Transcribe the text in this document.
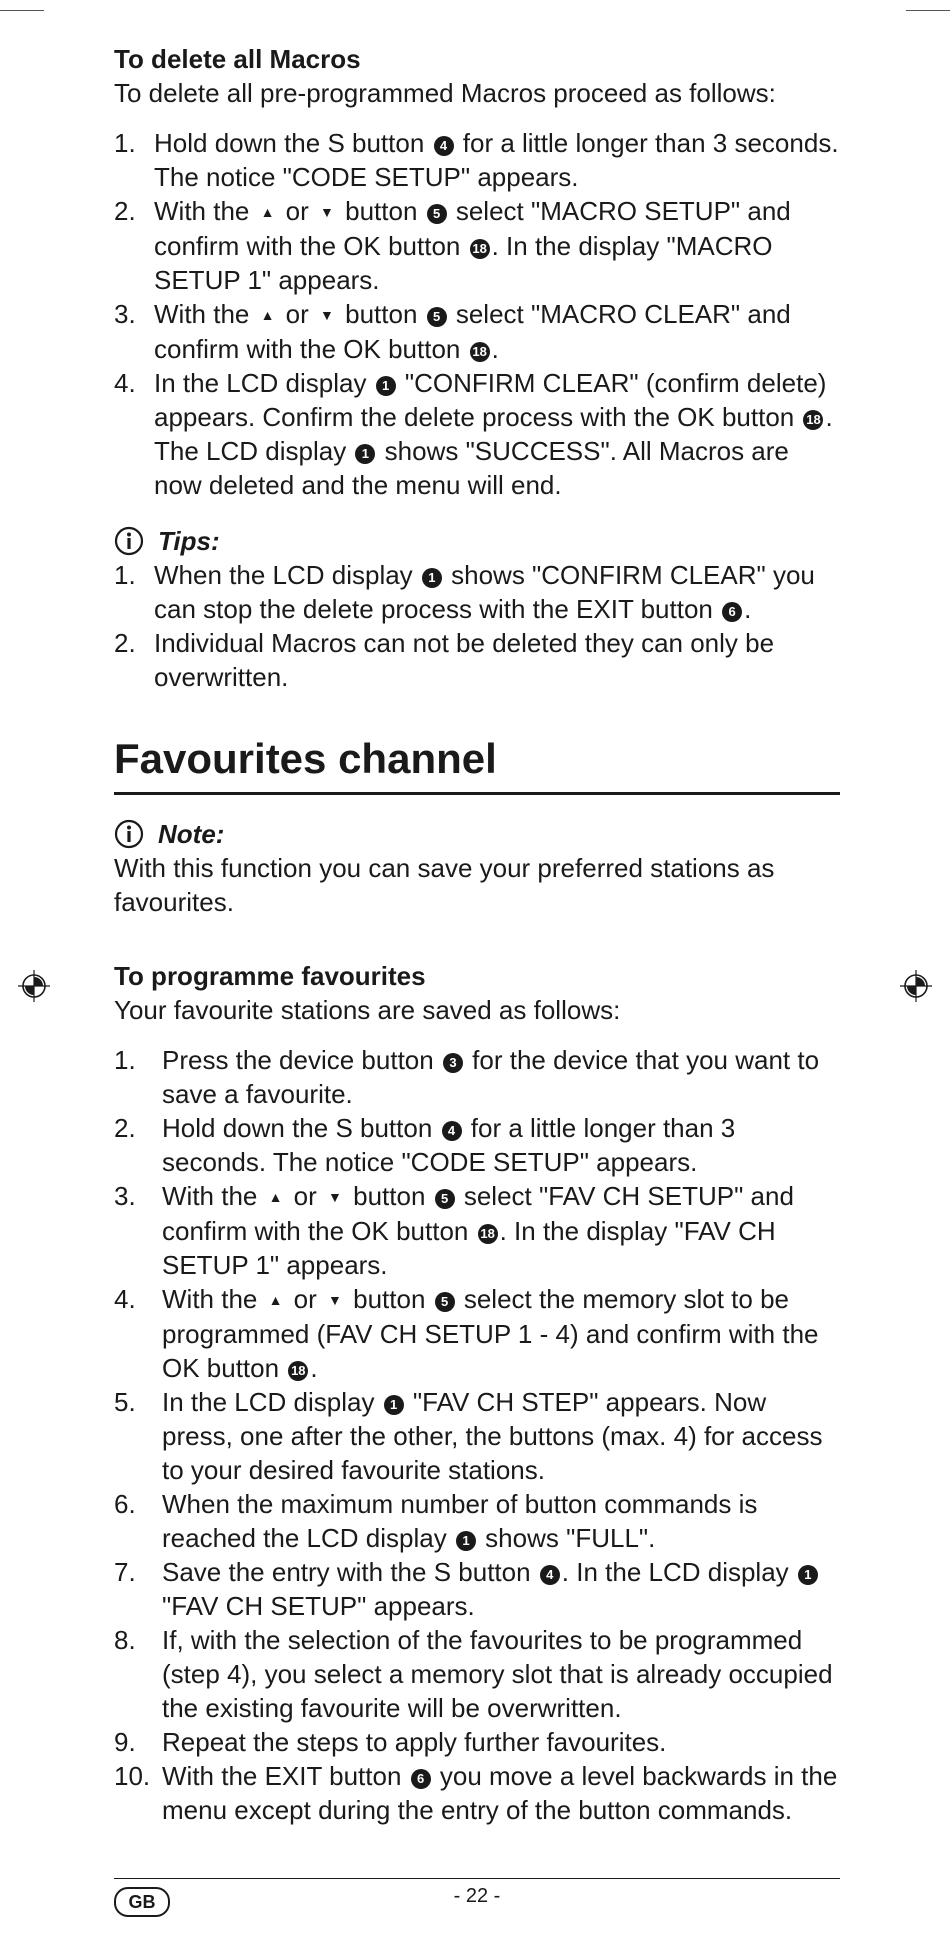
To delete all Macros

To delete all pre-programmed Macros proceed as follows:

1. Hold down the S button 4 for a little longer than 3 seconds. The notice "CODE SETUP" appears.
2. With the ▲ or ▼ button 5 select "MACRO SETUP" and confirm with the OK button 18 . In the display "MACRO SETUP 1" appears.
3. With the ▲ or ▼ button 5 select "MACRO CLEAR" and confirm with the OK button 18 .
4. In the LCD display 1 "CONFIRM CLEAR" (confirm delete) appears. Confirm the delete process with the OK button 18 . The LCD display 1 shows "SUCCESS". All Macros are now deleted and the menu will end.
Tips:
1. When the LCD display 1 shows "CONFIRM CLEAR" you can stop the delete process with the EXIT button 6 .
2. Individual Macros can not be deleted they can only be overwritten.
Favourites channel
Note:

With this function you can save your preferred stations as favourites.

To programme favourites

Your favourite stations are saved as follows:

1. Press the device button 3 for the device that you want to save a favourite.
2. Hold down the S button 4 for a little longer than 3 seconds. The notice "CODE SETUP" appears.
3. With the ▲ or ▼ button 5 select "FAV CH SETUP" and confirm with the OK button 18 . In the display "FAV CH SETUP 1" appears.
4. With the ▲ or ▼ button 5 select the memory slot to be programmed (FAV CH SETUP 1 - 4) and confirm with the OK button 18 .
5. In the LCD display 1 "FAV CH STEP" appears. Now press, one after the other, the buttons (max. 4) for access to your desired favourite stations.
6. When the maximum number of button commands is reached the LCD display 1 shows "FULL".
7. Save the entry with the S button 4 . In the LCD display 1 "FAV CH SETUP" appears.
8. If, with the selection of the favourites to be programmed (step 4), you select a memory slot that is already occupied the existing favourite will be overwritten.
9. Repeat the steps to apply further favourites.
10. With the EXIT button 6 you move a level backwards in the menu except during the entry of the button commands.
GB	- 22 -
